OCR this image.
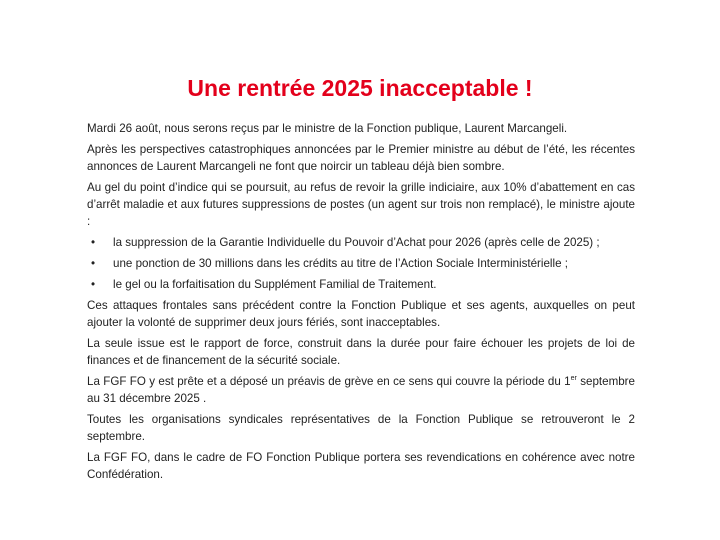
Une rentrée 2025 inacceptable !

Mardi 26 août, nous serons reçus par le ministre de la Fonction publique, Laurent Marcangeli.

Après les perspectives catastrophiques annoncées par le Premier ministre au début de l’été, les récentes annonces de Laurent Marcangeli ne font que noircir un tableau déjà bien sombre.

Au gel du point d’indice qui se poursuit, au refus de revoir la grille indiciaire, aux 10% d’abattement en cas d’arrêt maladie et aux futures suppressions de postes (un agent sur trois non remplacé), le ministre ajoute :

• la suppression de la Garantie Individuelle du Pouvoir d’Achat pour 2026 (après celle de 2025) ;
• une ponction de 30 millions dans les crédits au titre de l’Action Sociale Interministérielle ;
• le gel ou la forfaitisation du Supplément Familial de Traitement.

Ces attaques frontales sans précédent contre la Fonction Publique et ses agents, auxquelles on peut ajouter la volonté de supprimer deux jours fériés, sont inacceptables.

La seule issue est le rapport de force, construit dans la durée pour faire échouer les projets de loi de finances et de financement de la sécurité sociale.

La FGF FO y est prête et a déposé un préavis de grève en ce sens qui couvre la période du 1er septembre au 31 décembre 2025 .

Toutes les organisations syndicales représentatives de la Fonction Publique se retrouveront le 2 septembre.

La FGF FO, dans le cadre de FO Fonction Publique portera ses revendications en cohérence avec notre Confédération.
